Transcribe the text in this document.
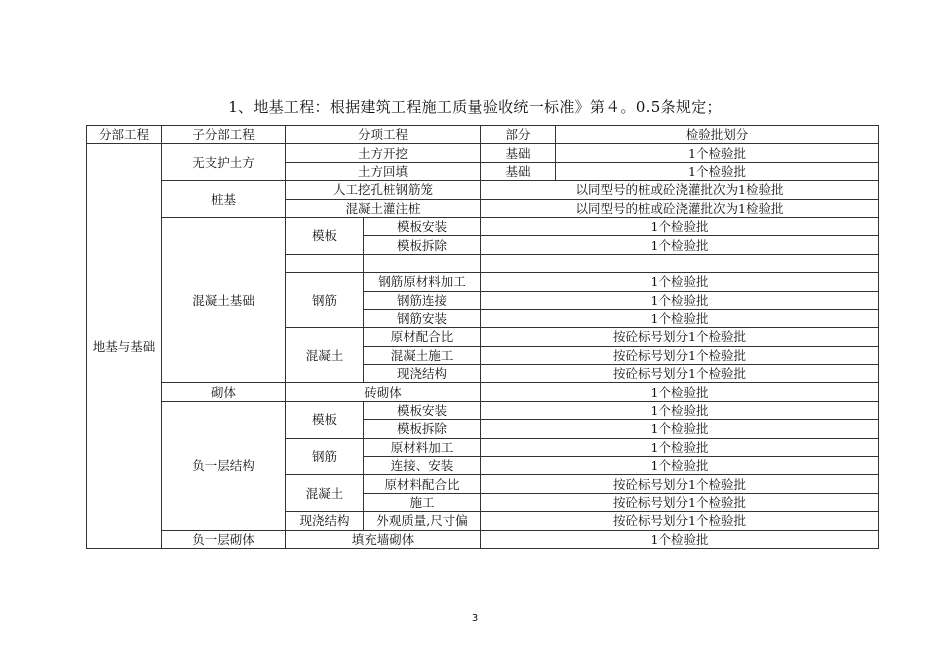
1、地基工程：根据建筑工程施工质量验收统一标准》第４。0.5条规定；
分部工程	子分部工程	分项工程		部分	检验批划分
地基与基础	无支护土方	土方开挖		基础	1个检验批
		土方回填		基础	1个检验批
	桩基	人工挖孔桩钢筋笼		以同型号的桩或砼浇灌批次为1检验批	
		混凝土灌注桩		以同型号的桩或砼浇灌批次为1检验批	
	混凝土基础	模板	模板安装	1个检验批	
			模板拆除	1个检验批	

		钢筋	钢筋原材料加工	1个检验批	
			钢筋连接	1个检验批	
			钢筋安装	1个检验批	
		混凝土	原材配合比	按砼标号划分1个检验批	
			混凝土施工	按砼标号划分1个检验批	
			现浇结构	按砼标号划分1个检验批	
	砌体	砖砌体		1个检验批	
	负一层结构	模板	模板安装	1个检验批	
			模板拆除	1个检验批	
		钢筋	原材料加工	1个检验批	
			连接、安装	1个检验批	
		混凝土	原材料配合比	按砼标号划分1个检验批	
			施工	按砼标号划分1个检验批	
		现浇结构	外观质量,尺寸偏	按砼标号划分1个检验批	
	负一层砌体	填充墙砌体		1个检验批	
3
